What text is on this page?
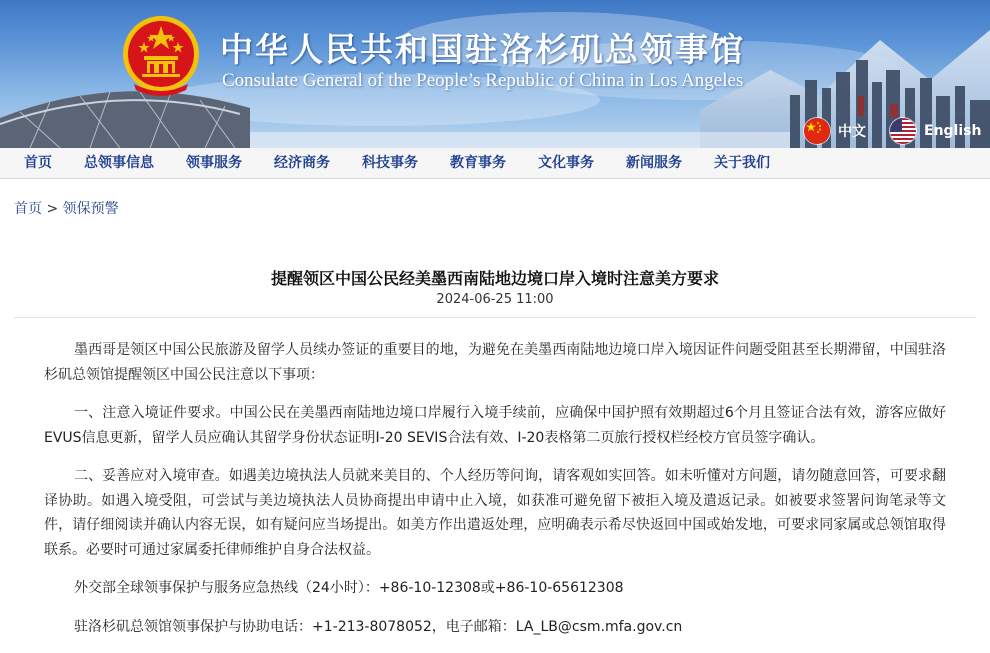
中华人民共和国驻洛杉矶总领事馆
Consulate General of the People’s Republic of China in Los Angeles
中文	English
首页	总领事信息	领事服务	经济商务	科技事务	教育事务	文化事务	新闻服务	关于我们
首页 > 领保预警
提醒领区中国公民经美墨西南陆地边境口岸入境时注意美方要求
2024-06-25 11:00

墨西哥是领区中国公民旅游及留学人员续办签证的重要目的地，为避免在美墨西南陆地边境口岸入境因证件问题受阻甚至长期滞留，中国驻洛杉矶总领馆提醒领区中国公民注意以下事项：

一、注意入境证件要求。中国公民在美墨西南陆地边境口岸履行入境手续前，应确保中国护照有效期超过6个月且签证合法有效，游客应做好EVUS信息更新，留学人员应确认其留学身份状态证明I-20 SEVIS合法有效、I-20表格第二页旅行授权栏经校方官员签字确认。

二、妥善应对入境审查。如遇美边境执法人员就来美目的、个人经历等问询，请客观如实回答。如未听懂对方问题，请勿随意回答，可要求翻译协助。如遇入境受阻，可尝试与美边境执法人员协商提出申请中止入境，如获准可避免留下被拒入境及遣返记录。如被要求签署问询笔录等文件，请仔细阅读并确认内容无误，如有疑问应当场提出。如美方作出遣返处理，应明确表示希尽快返回中国或始发地，可要求同家属或总领馆取得联系。必要时可通过家属委托律师维护自身合法权益。

外交部全球领事保护与服务应急热线（24小时）：+86-10-12308或+86-10-65612308

驻洛杉矶总领馆领事保护与协助电话：+1-213-8078052，电子邮箱：LA_LB@csm.mfa.gov.cn
